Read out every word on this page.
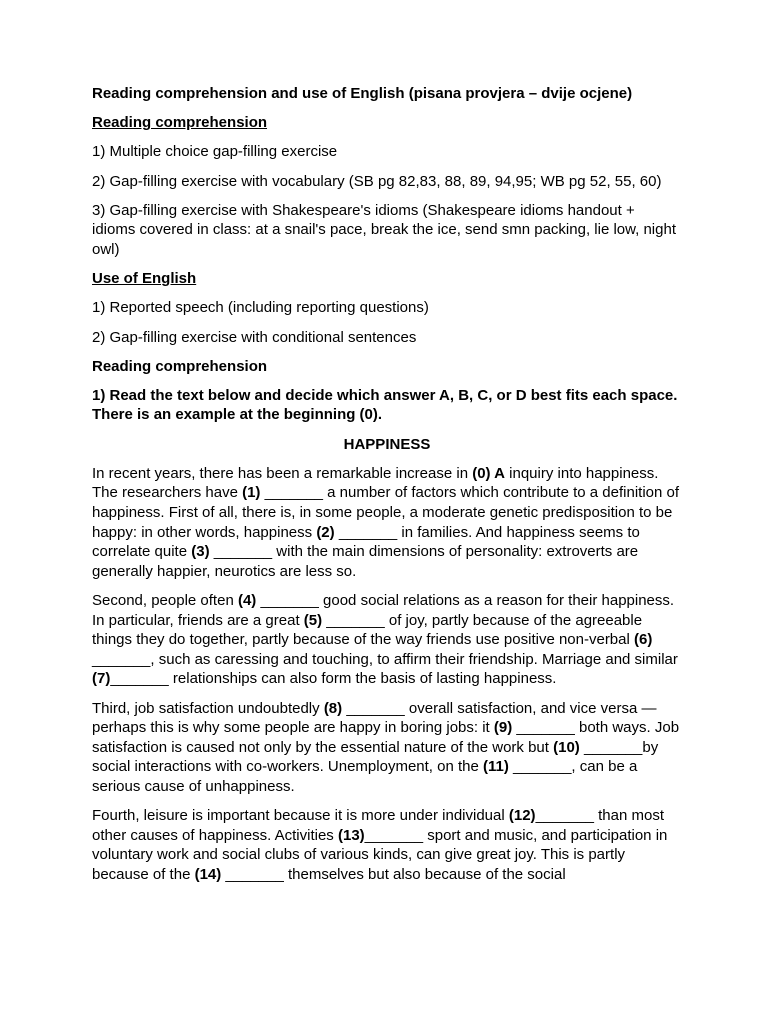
Reading comprehension and use of English (pisana provjera – dvije ocjene)

Reading comprehension

1) Multiple choice gap-filling exercise

2) Gap-filling exercise with vocabulary (SB pg 82,83, 88, 89, 94,95; WB pg 52, 55, 60)

3) Gap-filling exercise with Shakespeare's idioms (Shakespeare idioms handout + idioms covered in class: at a snail's pace, break the ice, send smn packing, lie low, night owl)

Use of English

1) Reported speech (including reporting questions)

2) Gap-filling exercise with conditional sentences

Reading comprehension

1) Read the text below and decide which answer A, B, C, or D best fits each space. There is an example at the beginning (0).

HAPPINESS

In recent years, there has been a remarkable increase in (0) A inquiry into happiness. The researchers have (1) _______ a number of factors which contribute to a definition of happiness. First of all, there is, in some people, a moderate genetic predisposition to be happy: in other words, happiness (2) _______ in families. And happiness seems to correlate quite (3) _______ with the main dimensions of personality: extroverts are generally happier, neurotics are less so.

Second, people often (4) _______ good social relations as a reason for their happiness. In particular, friends are a great (5) _______ of joy, partly because of the agreeable things they do together, partly because of the way friends use positive non-verbal (6) _______, such as caressing and touching, to affirm their friendship. Marriage and similar (7)_______ relationships can also form the basis of lasting happiness.

Third, job satisfaction undoubtedly (8) _______ overall satisfaction, and vice versa — perhaps this is why some people are happy in boring jobs: it (9) _______ both ways. Job satisfaction is caused not only by the essential nature of the work but (10) _______by social interactions with co-workers. Unemployment, on the (11) _______, can be a serious cause of unhappiness.

Fourth, leisure is important because it is more under individual (12)_______ than most other causes of happiness. Activities (13)_______ sport and music, and participation in voluntary work and social clubs of various kinds, can give great joy. This is partly because of the (14) _______ themselves but also because of the social
